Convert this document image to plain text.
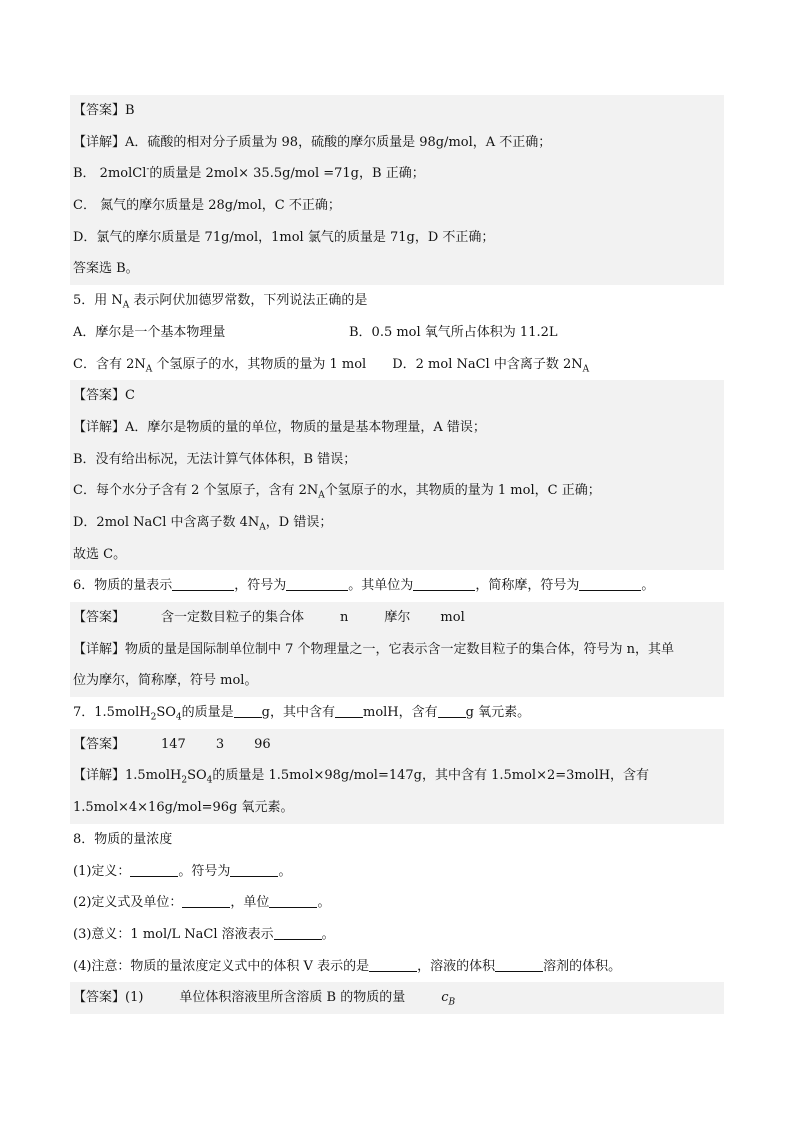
【答案】B
【详解】A．硫酸的相对分子质量为 98，硫酸的摩尔质量是 98g/mol，A 不正确；
B． 2molCl-的质量是 2mol× 35.5g/mol =71g，B 正确；
C． 氮气的摩尔质量是 28g/mol，C 不正确；
D．氯气的摩尔质量是 71g/mol，1mol 氯气的质量是 71g，D 不正确；
答案选 B。
5．用 $N_A$ 表示阿伏加德罗常数，下列说法正确的是
A．摩尔是一个基本物理量	B．0.5 mol 氧气所占体积为 11.2L
C．含有 $2N_A$ 个氢原子的水，其物质的量为 1 mol D．2 mol NaCl 中含离子数 $2N_A$
【答案】C
【详解】A．摩尔是物质的量的单位，物质的量是基本物理量，A 错误；
B．没有给出标况，无法计算气体体积，B 错误；
C．每个水分子含有 2 个氢原子，含有 $2N_A$个氢原子的水，其物质的量为 1 mol，C 正确；
D．2mol NaCl 中含离子数 $4N_A$，D 错误；
故选 C。
6．物质的量表示	，符号为	。其单位为	，简称摩，符号为	。
【答案】	含一定数目粒子的集合体	n	摩尔 mol
【详解】物质的量是国际制单位制中 7 个物理量之一，它表示含一定数目粒子的集合体，符号为 n，其单
位为摩尔，简称摩，符号 mol。
7．$1.5molH_2SO_4$的质量是 g，其中含有 molH，含有 g 氧元素。
【答案】	147 3 96
【详解】$1.5molH_2SO_4$的质量是 1.5mol×98g/mol=147g，其中含有 1.5mol×2=3molH，含有
1.5mol×4×16g/mol=96g 氧元素。
8．物质的量浓度
(1)定义：	。符号为	。
(2)定义式及单位：	，单位	。
(3)意义：1 mol/L NaCl 溶液表示	。
(4)注意：物质的量浓度定义式中的体积 V 表示的是	，溶液的体积	溶剂的体积。
【答案】(1)	单位体积溶液里所含溶质 B 的物质的量	$c_B$
